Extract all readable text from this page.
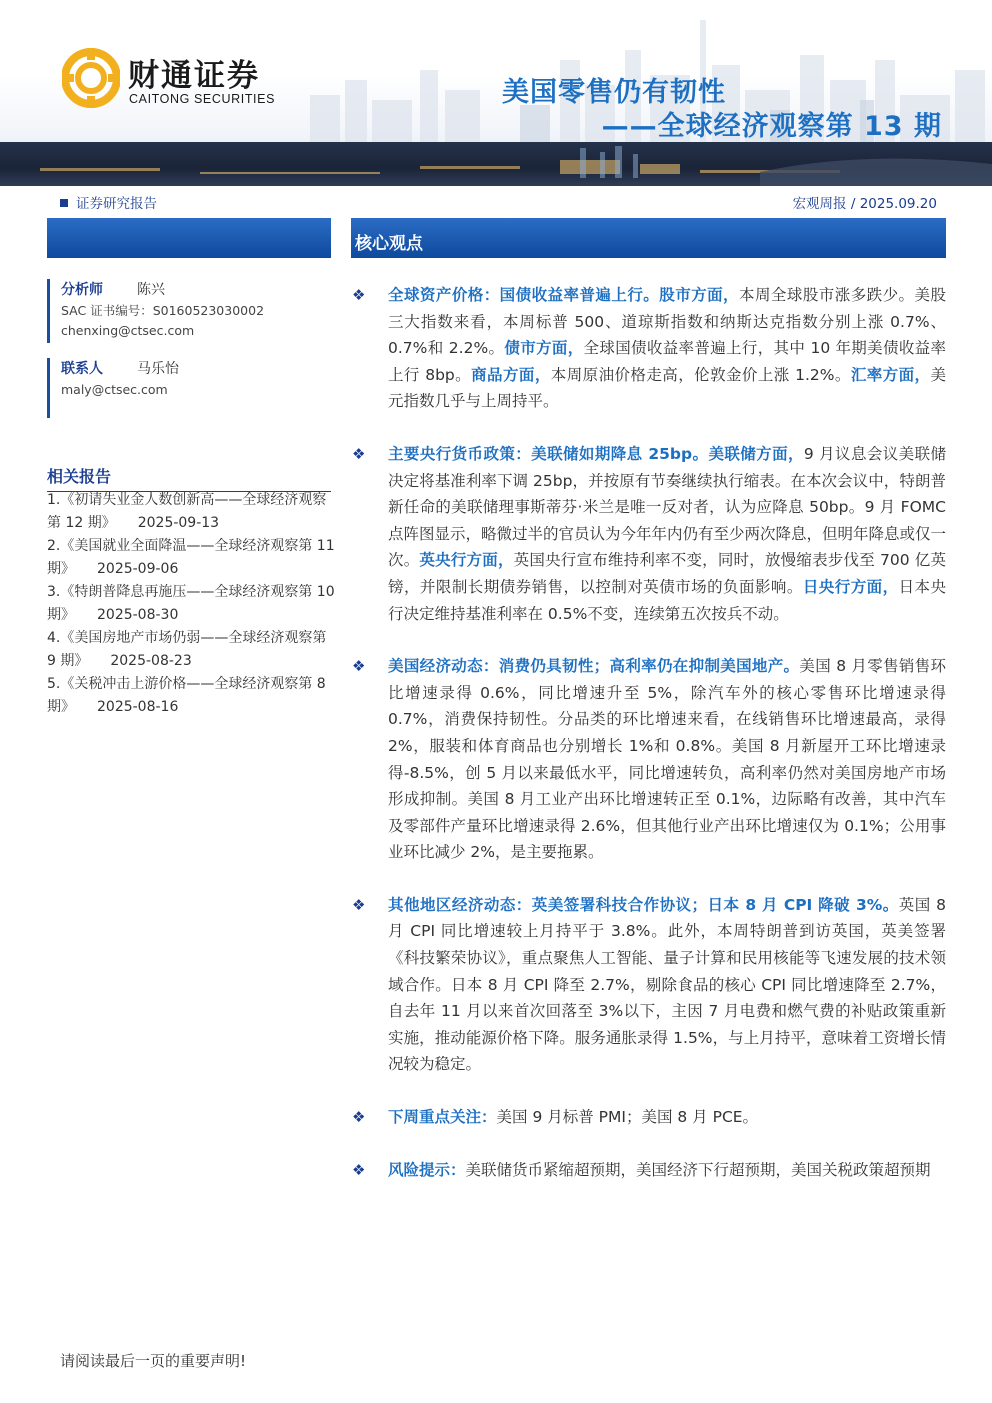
财通证券
CAITONG SECURITIES	美国零售仍有韧性
——全球经济观察第 13 期
证券研究报告	宏观周报 / 2025.09.20
核心观点
分析师 陈兴
SAC 证书编号：S0160523030002
chenxing@ctsec.com
联系人 马乐怡
maly@ctsec.com
相关报告

1.《初请失业金人数创新高——全球经济观察第 12 期》 2025-09-13

2.《美国就业全面降温——全球经济观察第 11 期》 2025-09-06

3.《特朗普降息再施压——全球经济观察第 10 期》 2025-08-30

4.《美国房地产市场仍弱——全球经济观察第 9 期》 2025-08-23

5.《关税冲击上游价格——全球经济观察第 8 期》 2025-08-16

❖ 全球资产价格：国债收益率普遍上行。股市方面，本周全球股市涨多跌少。美股三大指数来看，本周标普 500、道琼斯指数和纳斯达克指数分别上涨 0.7%、0.7%和 2.2%。债市方面，全球国债收益率普遍上行，其中 10 年期美债收益率上行 8bp。商品方面，本周原油价格走高，伦敦金价上涨 1.2%。汇率方面，美元指数几乎与上周持平。
❖ 主要央行货币政策：美联储如期降息 25bp。美联储方面，9 月议息会议美联储决定将基准利率下调 25bp，并按原有节奏继续执行缩表。在本次会议中，特朗普新任命的美联储理事斯蒂芬·米兰是唯一反对者，认为应降息 50bp。9 月 FOMC 点阵图显示，略微过半的官员认为今年年内仍有至少两次降息，但明年降息或仅一次。英央行方面，英国央行宣布维持利率不变，同时，放慢缩表步伐至 700 亿英镑，并限制长期债券销售，以控制对英债市场的负面影响。日央行方面，日本央行决定维持基准利率在 0.5%不变，连续第五次按兵不动。
❖ 美国经济动态：消费仍具韧性；高利率仍在抑制美国地产。美国 8 月零售销售环比增速录得 0.6%，同比增速升至 5%，除汽车外的核心零售环比增速录得 0.7%，消费保持韧性。分品类的环比增速来看，在线销售环比增速最高，录得 2%，服装和体育商品也分别增长 1%和 0.8%。美国 8 月新屋开工环比增速录得-8.5%，创 5 月以来最低水平，同比增速转负，高利率仍然对美国房地产市场形成抑制。美国 8 月工业产出环比增速转正至 0.1%，边际略有改善，其中汽车及零部件产量环比增速录得 2.6%，但其他行业产出环比增速仅为 0.1%；公用事业环比减少 2%，是主要拖累。
❖ 其他地区经济动态：英美签署科技合作协议；日本 8 月 CPI 降破 3%。英国 8 月 CPI 同比增速较上月持平于 3.8%。此外，本周特朗普到访英国，英美签署《科技繁荣协议》，重点聚焦人工智能、量子计算和民用核能等飞速发展的技术领域合作。日本 8 月 CPI 降至 2.7%，剔除食品的核心 CPI 同比增速降至 2.7%，自去年 11 月以来首次回落至 3%以下，主因 7 月电费和燃气费的补贴政策重新实施，推动能源价格下降。服务通胀录得 1.5%，与上月持平，意味着工资增长情况较为稳定。
❖ 下周重点关注：美国 9 月标普 PMI；美国 8 月 PCE。
❖ 风险提示：美联储货币紧缩超预期，美国经济下行超预期，美国关税政策超预期
请阅读最后一页的重要声明!
